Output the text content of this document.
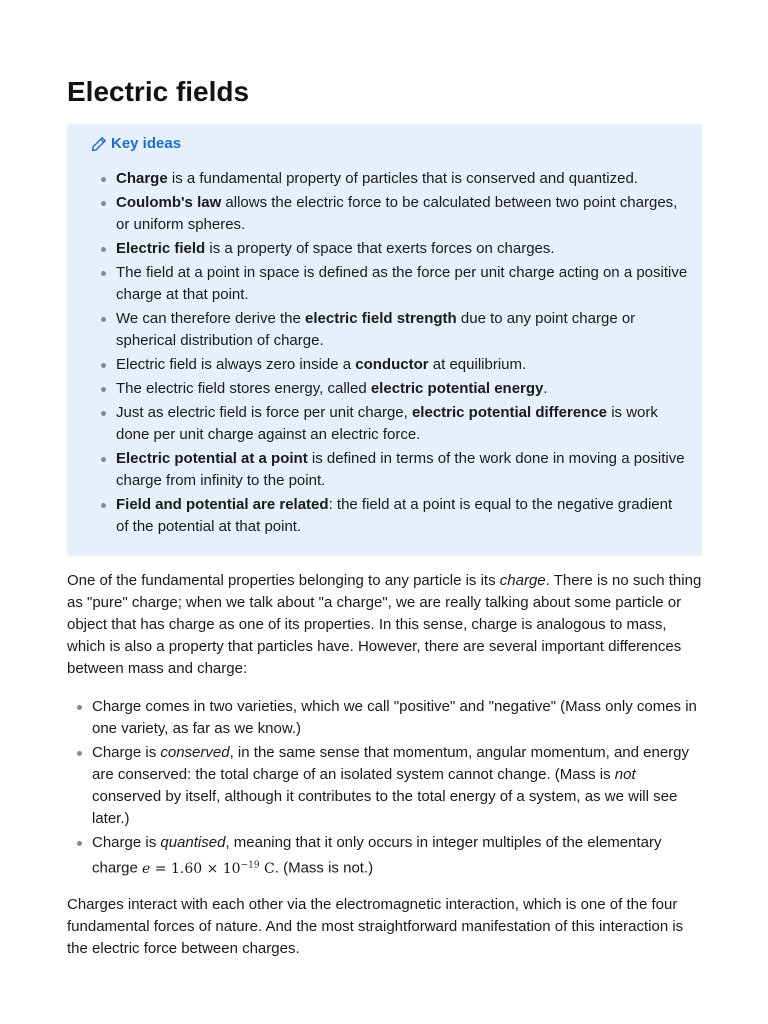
Electric fields
Key ideas
Charge is a fundamental property of particles that is conserved and quantized.
Coulomb's law allows the electric force to be calculated between two point charges, or uniform spheres.
Electric field is a property of space that exerts forces on charges.
The field at a point in space is defined as the force per unit charge acting on a positive charge at that point.
We can therefore derive the electric field strength due to any point charge or spherical distribution of charge.
Electric field is always zero inside a conductor at equilibrium.
The electric field stores energy, called electric potential energy.
Just as electric field is force per unit charge, electric potential difference is work done per unit charge against an electric force.
Electric potential at a point is defined in terms of the work done in moving a positive charge from infinity to the point.
Field and potential are related: the field at a point is equal to the negative gradient of the potential at that point.

One of the fundamental properties belonging to any particle is its charge. There is no such thing as "pure" charge; when we talk about "a charge", we are really talking about some particle or object that has charge as one of its properties. In this sense, charge is analogous to mass, which is also a property that particles have. However, there are several important differences between mass and charge:

Charge comes in two varieties, which we call "positive" and "negative" (Mass only comes in one variety, as far as we know.)
Charge is conserved, in the same sense that momentum, angular momentum, and energy are conserved: the total charge of an isolated system cannot change. (Mass is not conserved by itself, although it contributes to the total energy of a system, as we will see later.)
Charge is quantised, meaning that it only occurs in integer multiples of the elementary charge $e = 1.60 \times 10^{-19}$ C. (Mass is not.)

Charges interact with each other via the electromagnetic interaction, which is one of the four fundamental forces of nature. And the most straightforward manifestation of this interaction is the electric force between charges.
